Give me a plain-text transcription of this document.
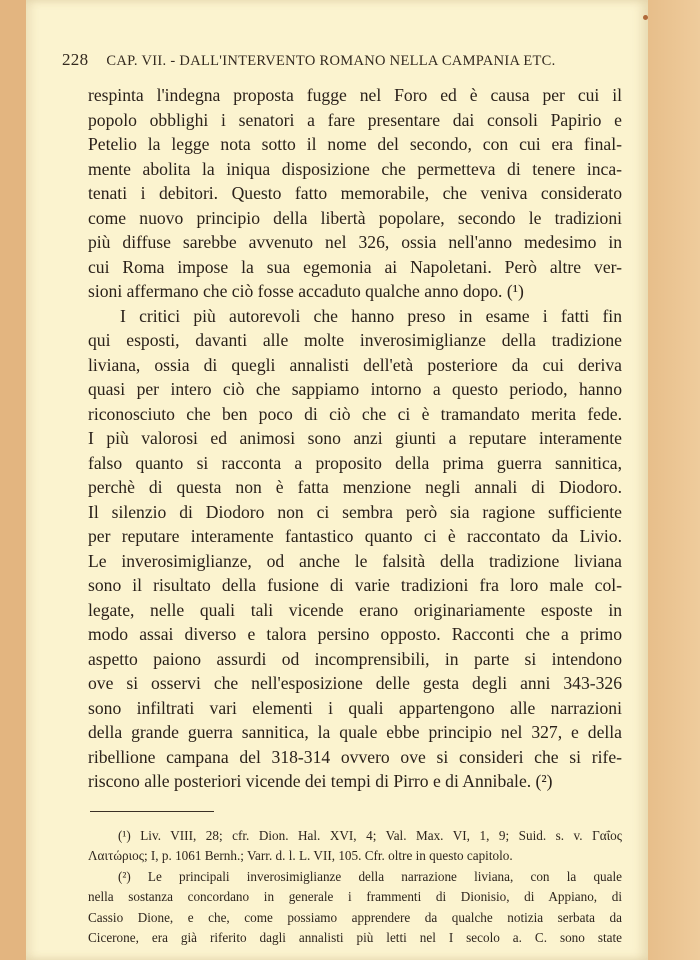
228 CAP. VII. - DALL'INTERVENTO ROMANO NELLA CAMPANIA ETC.
respinta l'indegna proposta fugge nel Foro ed è causa per cui il
popolo obblighi i senatori a fare presentare dai consoli Papirio e
Petelio la legge nota sotto il nome del secondo, con cui era final-
mente abolita la iniqua disposizione che permetteva di tenere inca-
tenati i debitori. Questo fatto memorabile, che veniva considerato
come nuovo principio della libertà popolare, secondo le tradizioni
più diffuse sarebbe avvenuto nel 326, ossia nell'anno medesimo in
cui Roma impose la sua egemonia ai Napoletani. Però altre ver-
sioni affermano che ciò fosse accaduto qualche anno dopo. (¹)
I critici più autorevoli che hanno preso in esame i fatti fin
qui esposti, davanti alle molte inverosimiglianze della tradizione
liviana, ossia di quegli annalisti dell'età posteriore da cui deriva
quasi per intero ciò che sappiamo intorno a questo periodo, hanno
riconosciuto che ben poco di ciò che ci è tramandato merita fede.
I più valorosi ed animosi sono anzi giunti a reputare interamente
falso quanto si racconta a proposito della prima guerra sannitica,
perchè di questa non è fatta menzione negli annali di Diodoro.
Il silenzio di Diodoro non ci sembra però sia ragione sufficiente
per reputare interamente fantastico quanto ci è raccontato da Livio.
Le inverosimiglianze, od anche le falsità della tradizione liviana
sono il risultato della fusione di varie tradizioni fra loro male col-
legate, nelle quali tali vicende erano originariamente esposte in
modo assai diverso e talora persino opposto. Racconti che a primo
aspetto paiono assurdi od incomprensibili, in parte si intendono
ove si osservi che nell'esposizione delle gesta degli anni 343-326
sono infiltrati vari elementi i quali appartengono alle narrazioni
della grande guerra sannitica, la quale ebbe principio nel 327, e della
ribellione campana del 318-314 ovvero ove si consideri che si rife-
riscono alle posteriori vicende dei tempi di Pirro e di Annibale. (²)
(¹) Liv. VIII, 28; cfr. Dion. Hal. XVI, 4; Val. Max. VI, 1, 9; Suid. s. v. Γαΐος
Λαιτώριος; I, p. 1061 Bernh.; Varr. d. l. L. VII, 105. Cfr. oltre in questo capitolo.
(²) Le principali inverosimiglianze della narrazione liviana, con la quale
nella sostanza concordano in generale i frammenti di Dionisio, di Appiano, di
Cassio Dione, e che, come possiamo apprendere da qualche notizia serbata da
Cicerone, era già riferito dagli annalisti più letti nel I secolo a. C. sono state
